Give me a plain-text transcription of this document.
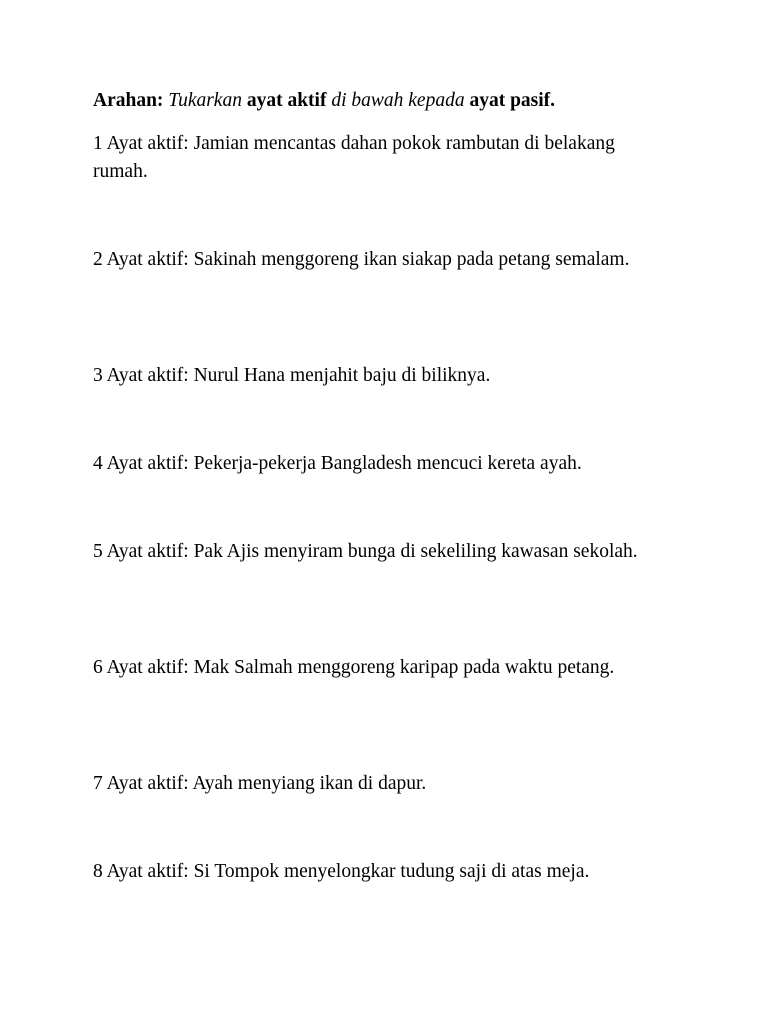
Arahan: Tukarkan ayat aktif di bawah kepada ayat pasif.

1 Ayat aktif: Jamian mencantas dahan pokok rambutan di belakang rumah.

2 Ayat aktif: Sakinah menggoreng ikan siakap pada petang semalam.

3 Ayat aktif: Nurul Hana menjahit baju di biliknya.

4 Ayat aktif: Pekerja-pekerja Bangladesh mencuci kereta ayah.

5 Ayat aktif: Pak Ajis menyiram bunga di sekeliling kawasan sekolah.

6 Ayat aktif: Mak Salmah menggoreng karipap pada waktu petang.

7 Ayat aktif: Ayah menyiang ikan di dapur.

8 Ayat aktif: Si Tompok menyelongkar tudung saji di atas meja.
